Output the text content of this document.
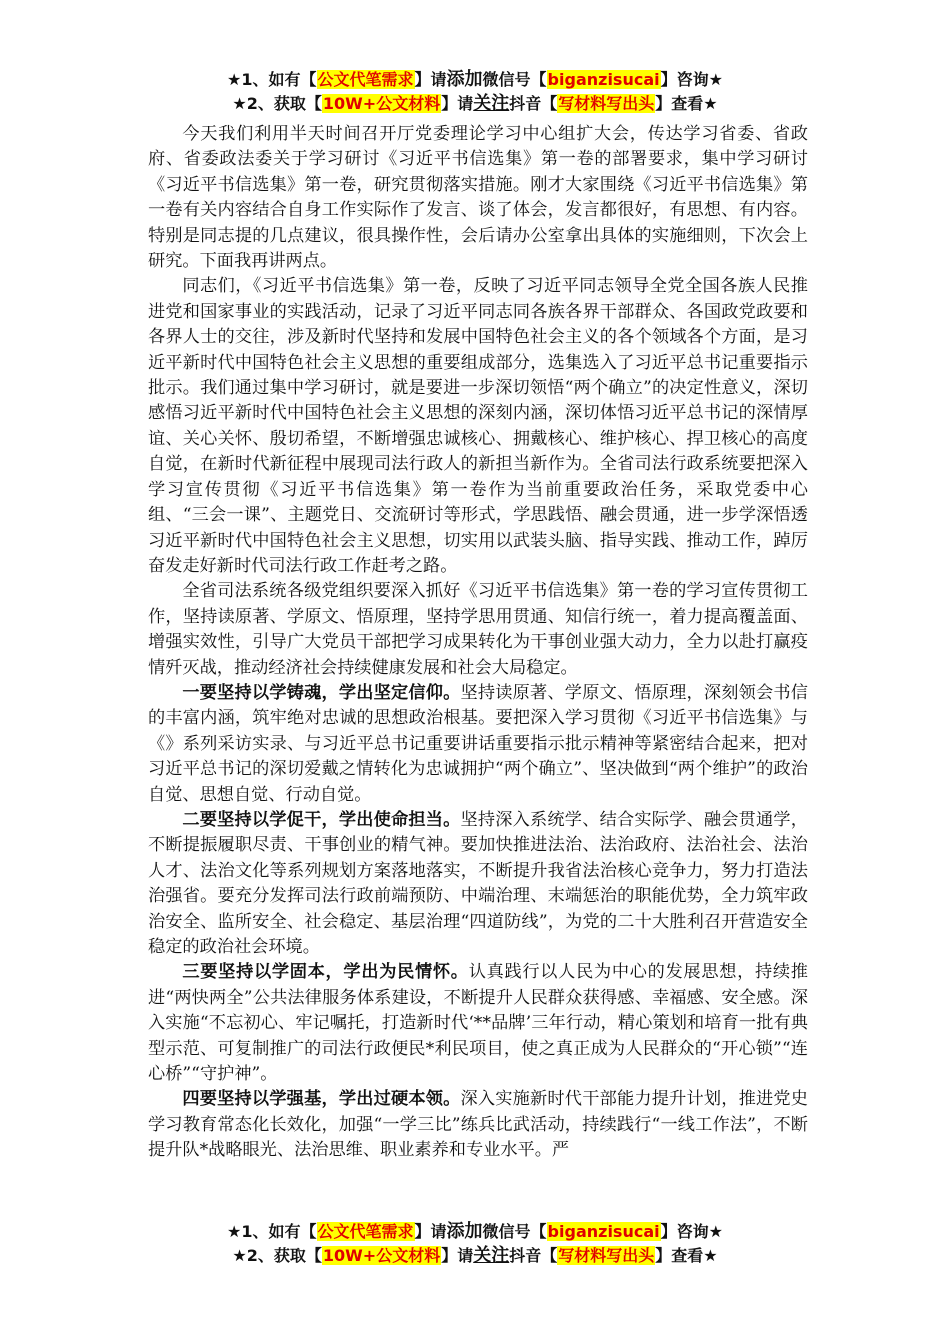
★1、如有【公文代笔需求】请添加微信号【biganzisucai】咨询★
★2、获取【10W+公文材料】请关注抖音【写材料写出头】查看★

今天我们利用半天时间召开厅党委理论学习中心组扩大会，传达学习省委、省政府、省委政法委关于学习研讨《习近平书信选集》第一卷的部署要求，集中学习研讨《习近平书信选集》第一卷，研究贯彻落实措施。刚才大家围绕《习近平书信选集》第一卷有关内容结合自身工作实际作了发言、谈了体会，发言都很好，有思想、有内容。特别是同志提的几点建议，很具操作性，会后请办公室拿出具体的实施细则，下次会上研究。下面我再讲两点。

同志们，《习近平书信选集》第一卷，反映了习近平同志领导全党全国各族人民推进党和国家事业的实践活动，记录了习近平同志同各族各界干部群众、各国政党政要和各界人士的交往，涉及新时代坚持和发展中国特色社会主义的各个领域各个方面，是习近平新时代中国特色社会主义思想的重要组成部分，选集选入了习近平总书记重要指示批示。我们通过集中学习研讨，就是要进一步深切领悟“两个确立”的决定性意义，深切感悟习近平新时代中国特色社会主义思想的深刻内涵，深切体悟习近平总书记的深情厚谊、关心关怀、殷切希望，不断增强忠诚核心、拥戴核心、维护核心、捍卫核心的高度自觉，在新时代新征程中展现司法行政人的新担当新作为。全省司法行政系统要把深入学习宣传贯彻《习近平书信选集》第一卷作为当前重要政治任务，采取党委中心组、“三会一课”、主题党日、交流研讨等形式，学思践悟、融会贯通，进一步学深悟透习近平新时代中国特色社会主义思想，切实用以武装头脑、指导实践、推动工作，踔厉奋发走好新时代司法行政工作赶考之路。

全省司法系统各级党组织要深入抓好《习近平书信选集》第一卷的学习宣传贯彻工作，坚持读原著、学原文、悟原理，坚持学思用贯通、知信行统一，着力提高覆盖面、增强实效性，引导广大党员干部把学习成果转化为干事创业强大动力，全力以赴打赢疫情歼灭战，推动经济社会持续健康发展和社会大局稳定。

一要坚持以学铸魂，学出坚定信仰。坚持读原著、学原文、悟原理，深刻领会书信的丰富内涵，筑牢绝对忠诚的思想政治根基。要把深入学习贯彻《习近平书信选集》与《》系列采访实录、与习近平总书记重要讲话重要指示批示精神等紧密结合起来，把对习近平总书记的深切爱戴之情转化为忠诚拥护“两个确立”、坚决做到“两个维护”的政治自觉、思想自觉、行动自觉。

二要坚持以学促干，学出使命担当。坚持深入系统学、结合实际学、融会贯通学，不断提振履职尽责、干事创业的精气神。要加快推进法治、法治政府、法治社会、法治人才、法治文化等系列规划方案落地落实，不断提升我省法治核心竞争力，努力打造法治强省。要充分发挥司法行政前端预防、中端治理、末端惩治的职能优势，全力筑牢政治安全、监所安全、社会稳定、基层治理“四道防线”，为党的二十大胜利召开营造安全稳定的政治社会环境。

三要坚持以学固本，学出为民情怀。认真践行以人民为中心的发展思想，持续推进“两快两全”公共法律服务体系建设，不断提升人民群众获得感、幸福感、安全感。深入实施“不忘初心、牢记嘱托，打造新时代‘**品牌’三年行动，精心策划和培育一批有典型示范、可复制推广的司法行政便民*利民项目，使之真正成为人民群众的“开心锁”“连心桥”“守护神”。

四要坚持以学强基，学出过硬本领。深入实施新时代干部能力提升计划，推进党史学习教育常态化长效化，加强“一学三比”练兵比武活动，持续践行“一线工作法”，不断提升队*战略眼光、法治思维、职业素养和专业水平。严

★1、如有【公文代笔需求】请添加微信号【biganzisucai】咨询★
★2、获取【10W+公文材料】请关注抖音【写材料写出头】查看★
